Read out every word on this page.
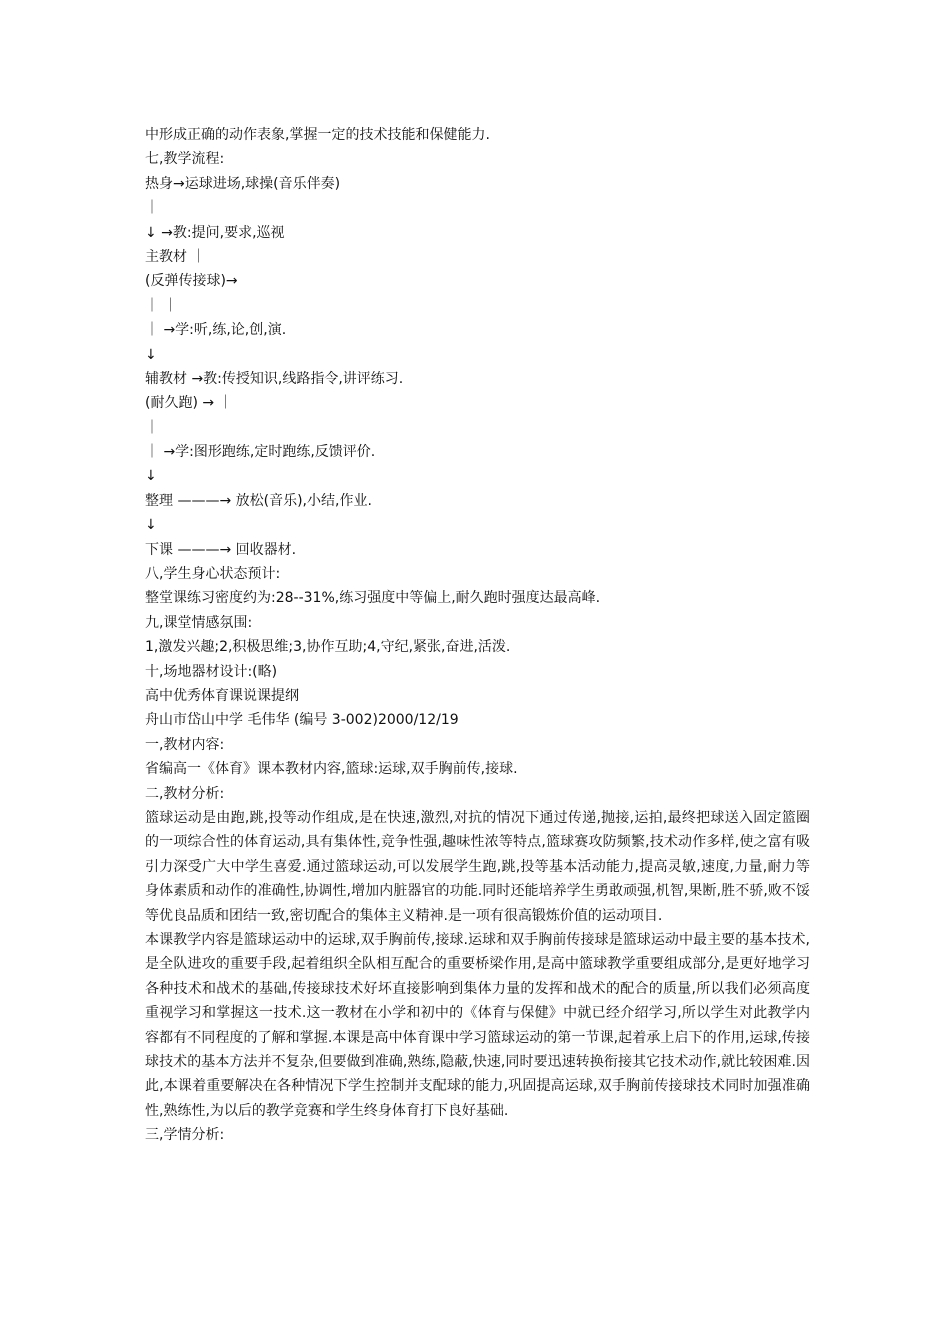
中形成正确的动作表象,掌握一定的技术技能和保健能力.
七,教学流程:
热身→运球进场,球操(音乐伴奏)
｜
↓ →教:提问,要求,巡视
主教材 ｜
(反弹传接球)→
｜ ｜
｜ →学:听,练,论,创,演.
↓
辅教材 →教:传授知识,线路指令,讲评练习.
(耐久跑) → ｜
｜
｜ →学:图形跑练,定时跑练,反馈评价.
↓
整理 ———→ 放松(音乐),小结,作业.
↓
下课 ———→ 回收器材.
八,学生身心状态预计:
整堂课练习密度约为:28--31%,练习强度中等偏上,耐久跑时强度达最高峰.
九,课堂情感氛围:
1,激发兴趣;2,积极思维;3,协作互助;4,守纪,紧张,奋进,活泼.
十,场地器材设计:(略)
高中优秀体育课说课提纲
舟山市岱山中学 毛伟华 (编号 3-002)2000/12/19
一,教材内容:
省编高一《体育》课本教材内容,篮球:运球,双手胸前传,接球.
二,教材分析:
篮球运动是由跑,跳,投等动作组成,是在快速,激烈,对抗的情况下通过传递,抛接,运拍,最终把球送入固定篮圈的一项综合性的体育运动,具有集体性,竞争性强,趣味性浓等特点,篮球赛攻防频繁,技术动作多样,使之富有吸引力深受广大中学生喜爱.通过篮球运动,可以发展学生跑,跳,投等基本活动能力,提高灵敏,速度,力量,耐力等身体素质和动作的准确性,协调性,增加内脏器官的功能.同时还能培养学生勇敢顽强,机智,果断,胜不骄,败不馁等优良品质和团结一致,密切配合的集体主义精神.是一项有很高锻炼价值的运动项目.
本课教学内容是篮球运动中的运球,双手胸前传,接球.运球和双手胸前传接球是篮球运动中最主要的基本技术,是全队进攻的重要手段,起着组织全队相互配合的重要桥梁作用,是高中篮球教学重要组成部分,是更好地学习各种技术和战术的基础,传接球技术好坏直接影响到集体力量的发挥和战术的配合的质量,所以我们必须高度重视学习和掌握这一技术.这一教材在小学和初中的《体育与保健》中就已经介绍学习,所以学生对此教学内容都有不同程度的了解和掌握.本课是高中体育课中学习篮球运动的第一节课,起着承上启下的作用,运球,传接球技术的基本方法并不复杂,但要做到准确,熟练,隐蔽,快速,同时要迅速转换衔接其它技术动作,就比较困难.因此,本课着重要解决在各种情况下学生控制并支配球的能力,巩固提高运球,双手胸前传接球技术同时加强准确性,熟练性,为以后的教学竞赛和学生终身体育打下良好基础.
三,学情分析:
